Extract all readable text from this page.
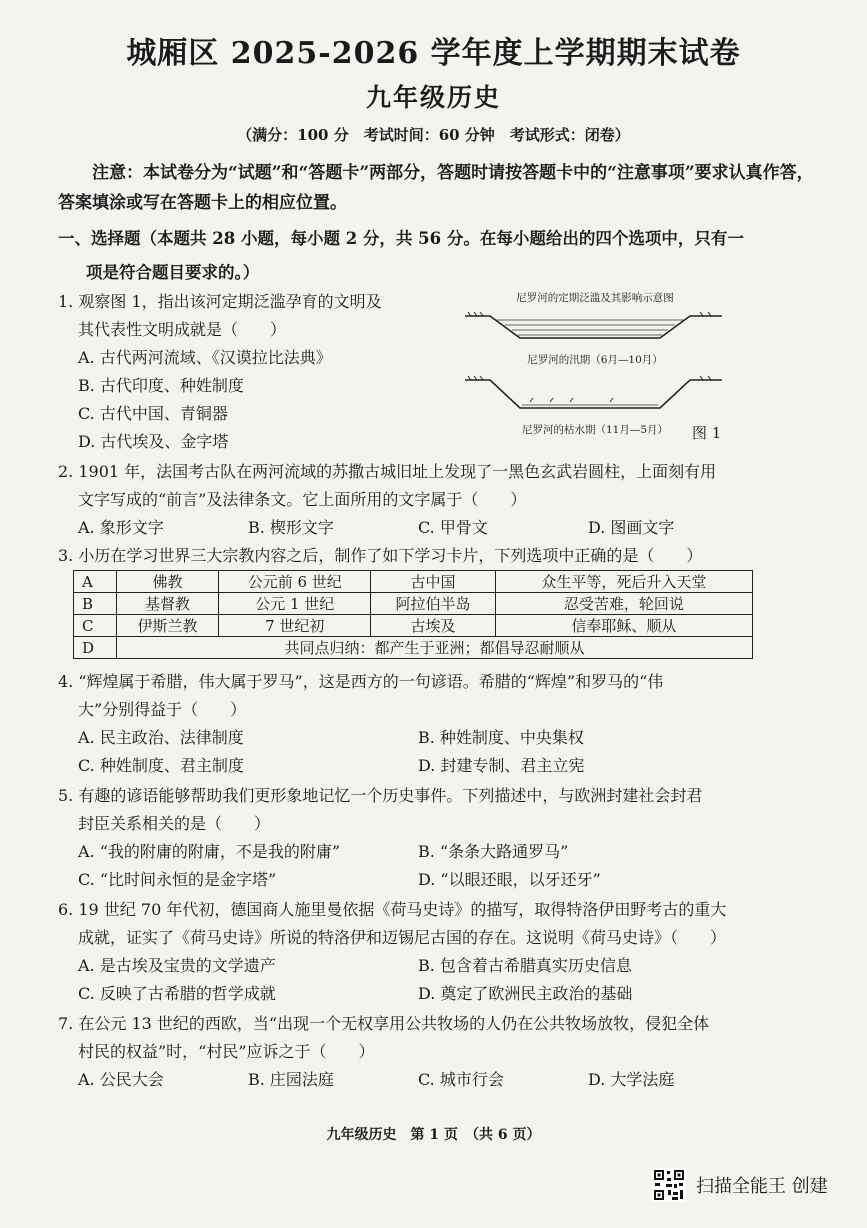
城厢区 2025-2026 学年度上学期期末试卷
九年级历史
（满分：100 分　考试时间：60 分钟　考试形式：闭卷）
注意：本试卷分为“试题”和“答题卡”两部分，答题时请按答题卡中的“注意事项”要求认真作答，答案填涂或写在答题卡上的相应位置。
一、选择题（本题共 28 小题，每小题 2 分，共 56 分。在每小题给出的四个选项中，只有一
项是符合题目要求的。）
1. 观察图 1，指出该河定期泛滥孕育的文明及
其代表性文明成就是（　　）
A. 古代两河流域、《汉谟拉比法典》
B. 古代印度、种姓制度
C. 古代中国、青铜器
D. 古代埃及、金字塔
尼罗河的定期泛滥及其影响示意图
尼罗河的汛期（6月—10月）
尼罗河的枯水期（11月—5月）	图 1
2. 1901 年，法国考古队在两河流域的苏撒古城旧址上发现了一黑色玄武岩圆柱，上面刻有用
文字写成的“前言”及法律条文。它上面所用的文字属于（　　）
A. 象形文字	B. 楔形文字	C. 甲骨文	D. 图画文字
3. 小历在学习世界三大宗教内容之后，制作了如下学习卡片，下列选项中正确的是（　　）
A	佛教	公元前 6 世纪	古中国	众生平等，死后升入天堂
B	基督教	公元 1 世纪	阿拉伯半岛	忍受苦难，轮回说
C	伊斯兰教	7 世纪初	古埃及	信奉耶稣、顺从
D	共同点归纳：都产生于亚洲；都倡导忍耐顺从			
4. “辉煌属于希腊，伟大属于罗马”，这是西方的一句谚语。希腊的“辉煌”和罗马的“伟
大”分别得益于（　　）
A. 民主政治、法律制度	B. 种姓制度、中央集权
C. 种姓制度、君主制度	D. 封建专制、君主立宪
5. 有趣的谚语能够帮助我们更形象地记忆一个历史事件。下列描述中，与欧洲封建社会封君
封臣关系相关的是（　　）
A. “我的附庸的附庸，不是我的附庸”	B. “条条大路通罗马”
C. “比时间永恒的是金字塔”	D. “以眼还眼，以牙还牙”
6. 19 世纪 70 年代初，德国商人施里曼依据《荷马史诗》的描写，取得特洛伊田野考古的重大
成就，证实了《荷马史诗》所说的特洛伊和迈锡尼古国的存在。这说明《荷马史诗》（　　）
A. 是古埃及宝贵的文学遗产	B. 包含着古希腊真实历史信息
C. 反映了古希腊的哲学成就	D. 奠定了欧洲民主政治的基础
7. 在公元 13 世纪的西欧，当“出现一个无权享用公共牧场的人仍在公共牧场放牧，侵犯全体
村民的权益”时，“村民”应诉之于（　　）
A. 公民大会	B. 庄园法庭	C. 城市行会	D. 大学法庭
九年级历史　第 1 页　（共 6 页）
扫描全能王 创建
